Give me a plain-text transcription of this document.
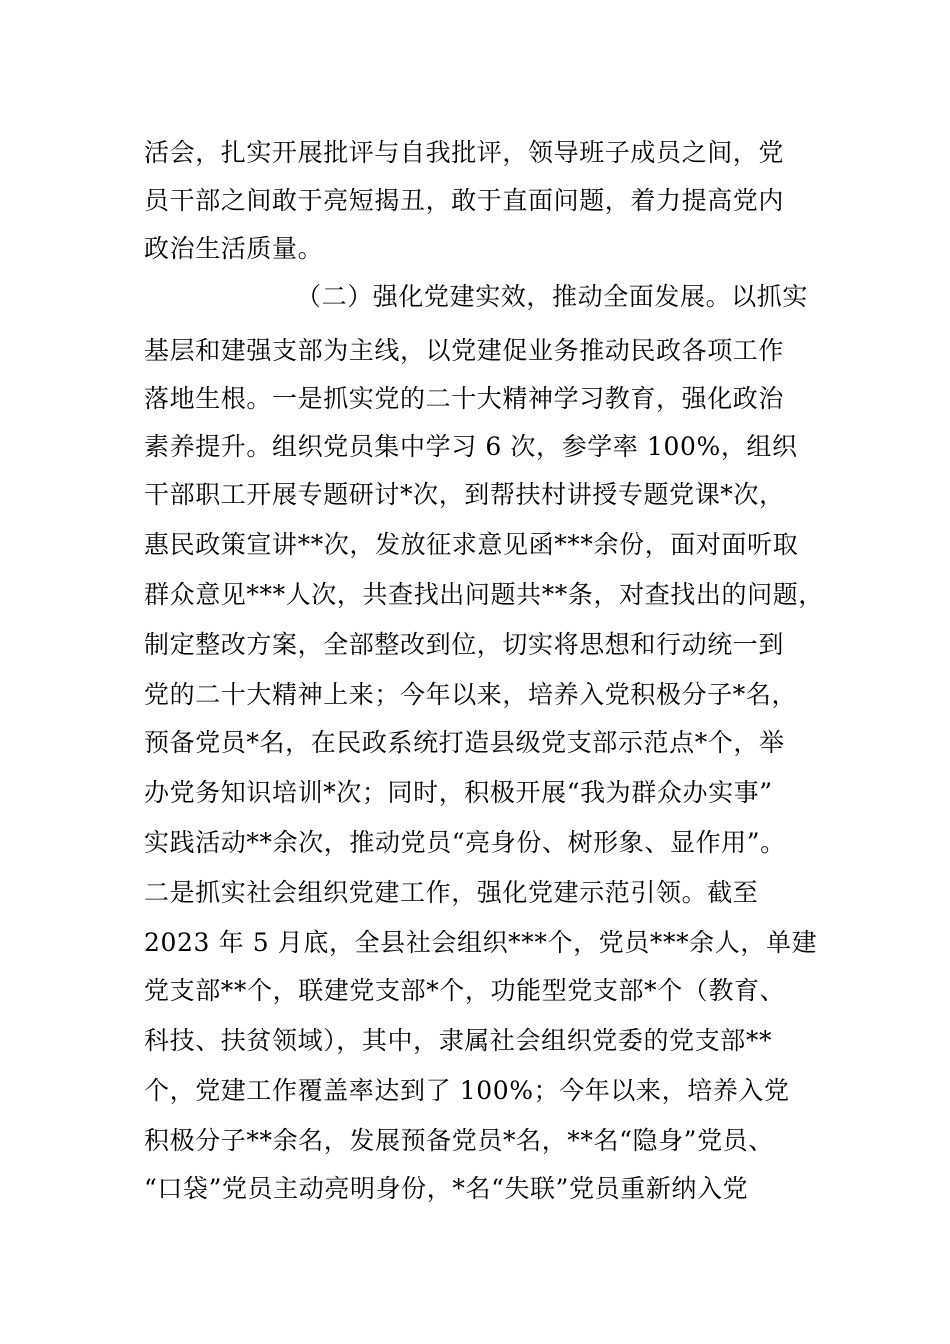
活会，扎实开展批评与自我批评，领导班子成员之间，党
员干部之间敢于亮短揭丑，敢于直面问题，着力提高党内
政治生活质量。
（二）强化党建实效，推动全面发展。以抓实
基层和建强支部为主线，以党建促业务推动民政各项工作
落地生根。一是抓实党的二十大精神学习教育，强化政治
素养提升。组织党员集中学习 6 次，参学率 100%，组织
干部职工开展专题研讨*次，到帮扶村讲授专题党课*次，
惠民政策宣讲**次，发放征求意见函***余份，面对面听取
群众意见***人次，共查找出问题共**条，对查找出的问题，
制定整改方案，全部整改到位，切实将思想和行动统一到
党的二十大精神上来；今年以来，培养入党积极分子*名，
预备党员*名，在民政系统打造县级党支部示范点*个，举
办党务知识培训*次；同时，积极开展“我为群众办实事”
实践活动**余次，推动党员“亮身份、树形象、显作用”。
二是抓实社会组织党建工作，强化党建示范引领。截至
2023 年 5 月底，全县社会组织***个，党员***余人，单建
党支部**个，联建党支部*个，功能型党支部*个（教育、
科技、扶贫领域），其中，隶属社会组织党委的党支部**
个，党建工作覆盖率达到了 100%；今年以来，培养入党
积极分子**余名，发展预备党员*名，**名“隐身”党员、
“口袋”党员主动亮明身份，*名“失联”党员重新纳入党
